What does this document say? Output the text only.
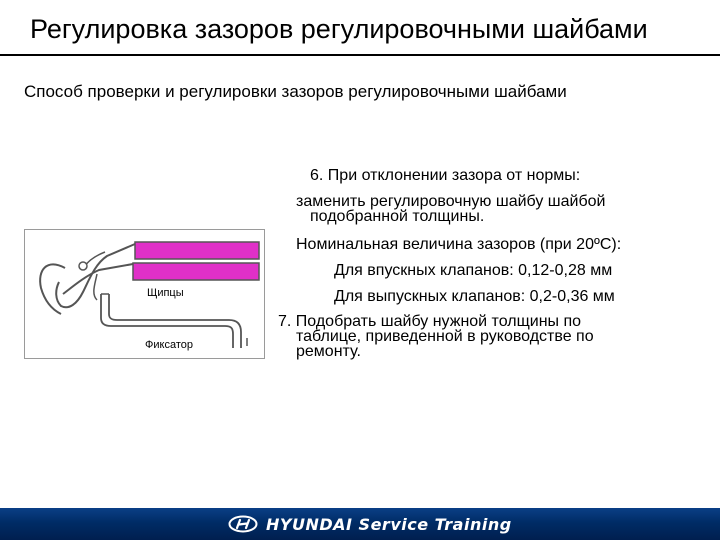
Регулировка зазоров регулировочными шайбами
Способ проверки и регулировки зазоров регулировочными шайбами
Щипцы
Фиксатор
6. При отклонении зазора от нормы:
заменить регулировочную шайбу шайбой
подобранной толщины.
Номинальная величина зазоров (при 20ºС):
Для впускных клапанов: 0,12-0,28 мм
Для выпускных клапанов: 0,2-0,36 мм
7. Подобрать шайбу нужной толщины по
таблице, приведенной в руководстве по
ремонту.
HYUNDAI Service Training
